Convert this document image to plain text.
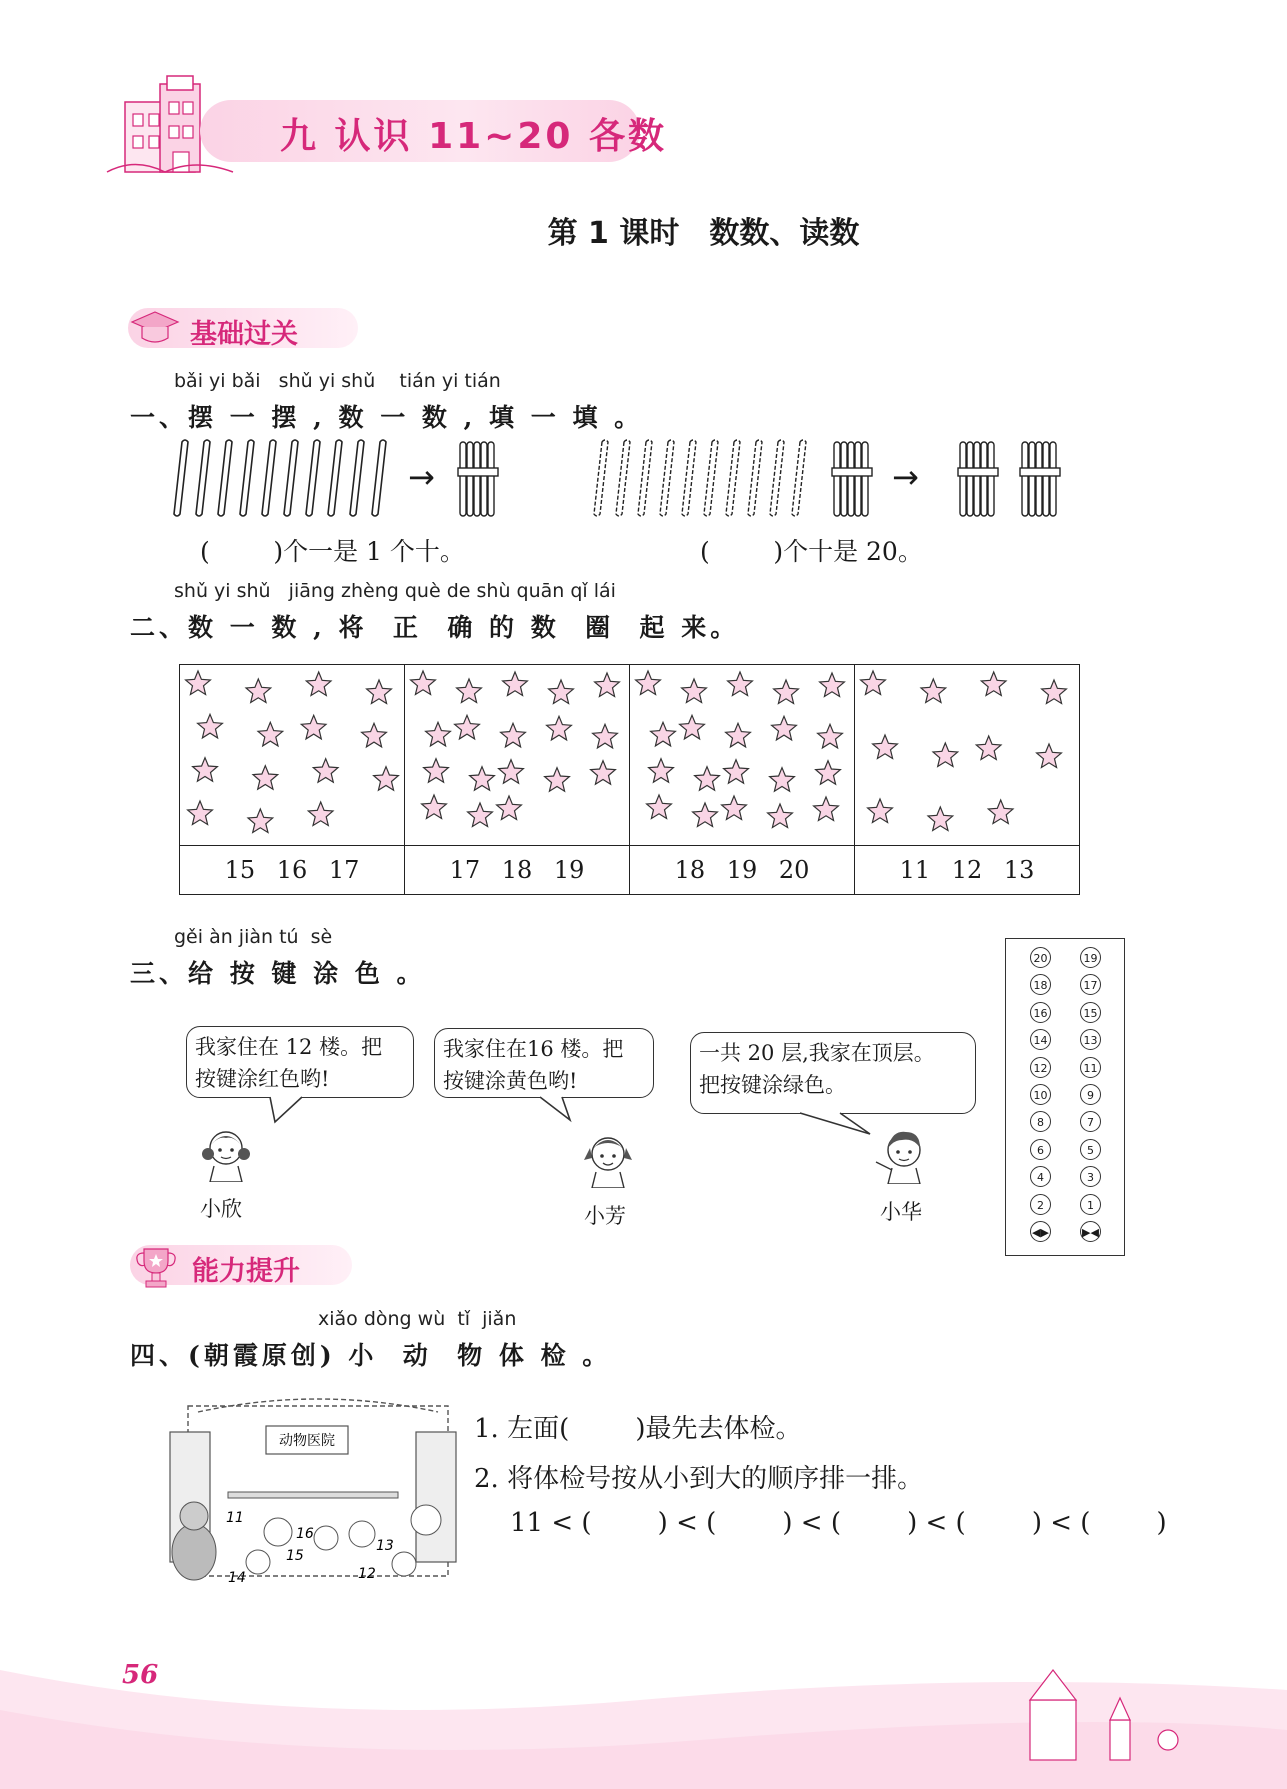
九 认识 11~20 各数
第 1 课时　数数、读数
基础过关
bǎi yi bǎi   shǔ yi shǔ    tián yi tián
一、摆 一 摆 , 数 一 数 , 填 一 填 。
→	→
(        )个一是 1 个十。	(        )个十是 20。
shǔ yi shǔ   jiāng zhèng què de shù quān qǐ lái
二、数 一 数 , 将  正  确 的 数  圈  起 来。

15 16 17	17 18 19	18 19 20	11 12 13
gěi àn jiàn tú  sè
三、给 按 键 涂 色 。
我家住在 12 楼。把
按键涂红色哟!
我家住在16 楼。把
按键涂黄色哟!
一共 20 层,我家在顶层。
把按键涂绿色。
小欣	小芳	小华
20	19
18	17
16	15
14	13
12	11
10	9
8	7
6	5
4	3
2	1
◀▶	▶◀
能力提升
xiǎo dòng wù  tǐ  jiǎn
四、(朝霞原创) 小  动  物 体 检 。
动物医院
11
16
15
13
14	12
1. 左面(        )最先去体检。
2. 将体检号按从小到大的顺序排一排。
11 < (        ) < (        ) < (        ) < (        ) < (        )
56
